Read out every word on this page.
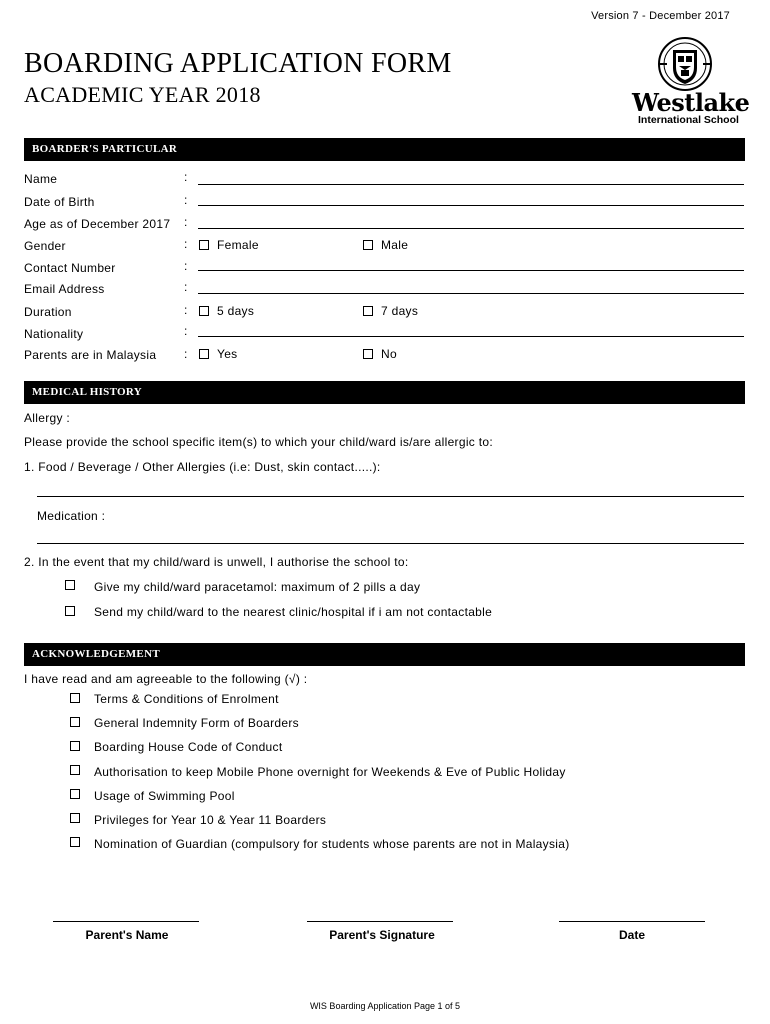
Version 7 - December 2017
BOARDING APPLICATION FORM
ACADEMIC YEAR 2018	Westlake
International School
BOARDER'S PARTICULAR
Name	:
Date of Birth	:
Age as of December 2017 :
Gender	: Female	Male
Contact Number	:
Email Address	:
Duration	: 5 days	7 days
Nationality	:
Parents are in Malaysia : Yes	No
MEDICAL HISTORY
Allergy :
Please provide the school specific item(s) to which your child/ward is/are allergic to:
1. Food / Beverage / Other Allergies (i.e: Dust, skin contact.....):
Medication :
2. In the event that my child/ward is unwell, I authorise the school to:
Give my child/ward paracetamol: maximum of 2 pills a day
Send my child/ward to the nearest clinic/hospital if i am not contactable
ACKNOWLEDGEMENT
I have read and am agreeable to the following (√) :
Terms & Conditions of Enrolment
General Indemnity Form of Boarders
Boarding House Code of Conduct
Authorisation to keep Mobile Phone overnight for Weekends & Eve of Public Holiday
Usage of Swimming Pool
Privileges for Year 10 & Year 11 Boarders
Nomination of Guardian (compulsory for students whose parents are not in Malaysia)
Parent's Name	Parent's Signature	Date
WIS Boarding Application Page 1 of 5
